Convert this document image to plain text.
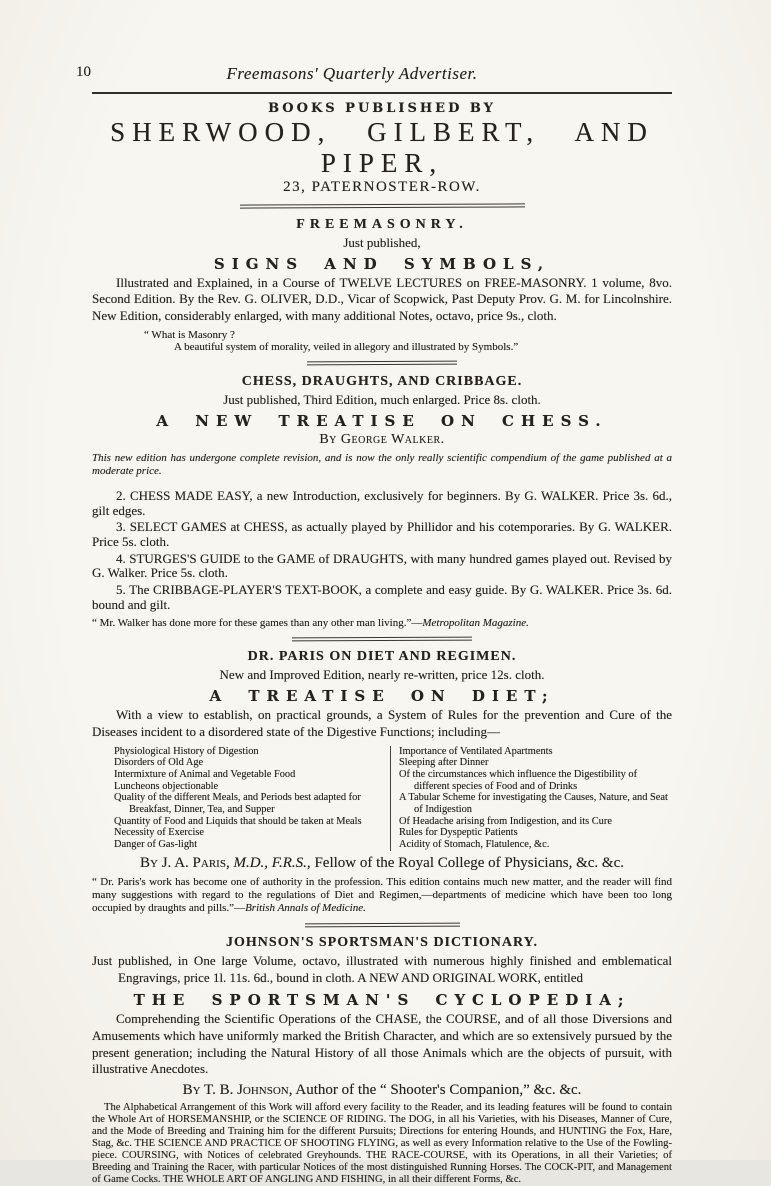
10	Freemasons' Quarterly Advertiser.
BOOKS PUBLISHED BY
SHERWOOD, GILBERT, AND PIPER,
23, PATERNOSTER-ROW.
FREEMASONRY.
Just published,
SIGNS AND SYMBOLS,

Illustrated and Explained, in a Course of TWELVE LECTURES on FREE-MASONRY. 1 volume, 8vo. Second Edition. By the Rev. G. OLIVER, D.D., Vicar of Scopwick, Past Deputy Prov. G. M. for Lincolnshire. New Edition, considerably enlarged, with many additional Notes, octavo, price 9s., cloth.

“ What is Masonry ?
A beautiful system of morality, veiled in allegory and illustrated by Symbols.”
CHESS, DRAUGHTS, AND CRIBBAGE.
Just published, Third Edition, much enlarged. Price 8s. cloth.
A NEW TREATISE ON CHESS.
By George Walker.

This new edition has undergone complete revision, and is now the only really scientific compendium of the game published at a moderate price.

2. CHESS MADE EASY, a new Introduction, exclusively for beginners. By G. WALKER. Price 3s. 6d., gilt edges.

3. SELECT GAMES at CHESS, as actually played by Phillidor and his cotemporaries. By G. WALKER. Price 5s. cloth.

4. STURGES'S GUIDE to the GAME of DRAUGHTS, with many hundred games played out. Revised by G. Walker. Price 5s. cloth.

5. The CRIBBAGE-PLAYER'S TEXT-BOOK, a complete and easy guide. By G. WALKER. Price 3s. 6d. bound and gilt.

“ Mr. Walker has done more for these games than any other man living.”—Metropolitan Magazine.
DR. PARIS ON DIET AND REGIMEN.
New and Improved Edition, nearly re-written, price 12s. cloth.
A TREATISE ON DIET;

With a view to establish, on practical grounds, a System of Rules for the prevention and Cure of the Diseases incident to a disordered state of the Digestive Functions; including—

Physiological History of Digestion
Disorders of Old Age
Intermixture of Animal and Vegetable Food
Luncheons objectionable
Quality of the different Meals, and Periods best adapted for Breakfast, Dinner, Tea, and Supper
Quantity of Food and Liquids that should be taken at Meals
Necessity of Exercise
Danger of Gas-light
Importance of Ventilated Apartments
Sleeping after Dinner
Of the circumstances which influence the Digestibility of different species of Food and of Drinks
A Tabular Scheme for investigating the Causes, Nature, and Seat of Indigestion
Of Headache arising from Indigestion, and its Cure
Rules for Dyspeptic Patients
Acidity of Stomach, Flatulence, &c.
By J. A. Paris, M.D., F.R.S., Fellow of the Royal College of Physicians, &c. &c.
“ Dr. Paris's work has become one of authority in the profession. This edition contains much new matter, and the reader will find many suggestions with regard to the regulations of Diet and Regimen,—departments of medicine which have been too long occupied by draughts and pills.”—British Annals of Medicine.
JOHNSON'S SPORTSMAN'S DICTIONARY.

Just published, in One large Volume, octavo, illustrated with numerous highly finished and emblematical Engravings, price 1l. 11s. 6d., bound in cloth. A NEW AND ORIGINAL WORK, entitled

THE SPORTSMAN'S CYCLOPEDIA;

Comprehending the Scientific Operations of the CHASE, the COURSE, and of all those Diversions and Amusements which have uniformly marked the British Character, and which are so extensively pursued by the present generation; including the Natural History of all those Animals which are the objects of pursuit, with illustrative Anecdotes.

By T. B. Johnson, Author of the “ Shooter's Companion,” &c. &c.

The Alphabetical Arrangement of this Work will afford every facility to the Reader, and its leading features will be found to contain the Whole Art of HORSEMANSHIP, or the SCIENCE OF RIDING. The DOG, in all his Varieties, with his Diseases, Manner of Cure, and the Mode of Breeding and Training him for the different Pursuits; Directions for entering Hounds, and HUNTING the Fox, Hare, Stag, &c. THE SCIENCE AND PRACTICE OF SHOOTING FLYING, as well as every Information relative to the Use of the Fowling-piece. COURSING, with Notices of celebrated Greyhounds. THE RACE-COURSE, with its Operations, in all their Varieties; of Breeding and Training the Racer, with particular Notices of the most distinguished Running Horses. The COCK-PIT, and Management of Game Cocks. THE WHOLE ART OF ANGLING AND FISHING, in all their different Forms, &c.
